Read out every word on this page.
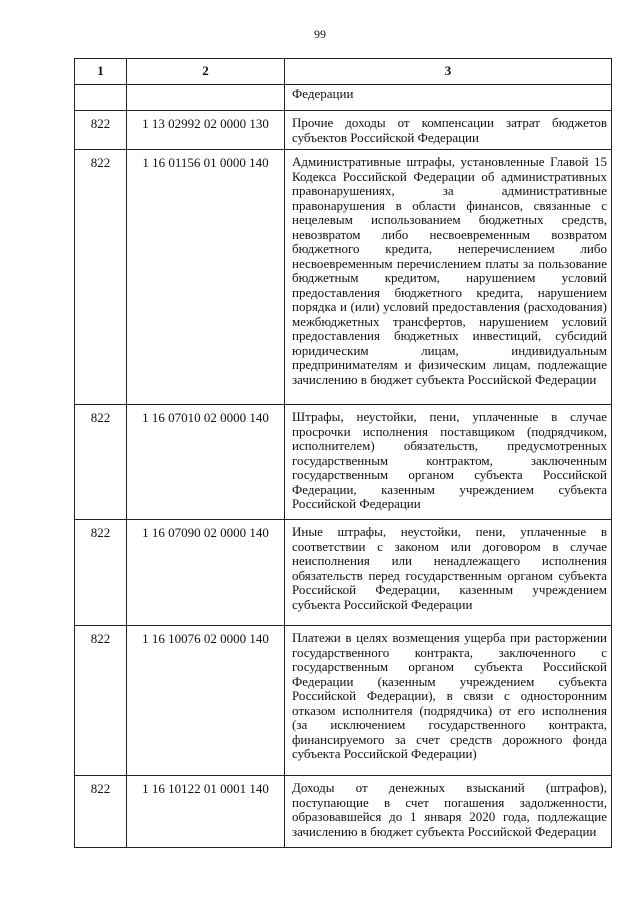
99
1	2	3
		Федерации
822	1 13 02992 02 0000 130	Прочие доходы от компенсации затрат бюджетов субъектов Российской Федерации
822	1 16 01156 01 0000 140	Административные штрафы, установленные Главой 15 Кодекса Российской Федерации об административных правонарушениях, за административные правонарушения в области финансов, связанные с нецелевым использованием бюджетных средств, невозвратом либо несвоевременным возвратом бюджетного кредита, неперечислением либо несвоевременным перечислением платы за пользование бюджетным кредитом, нарушением условий предоставления бюджетного кредита, нарушением порядка и (или) условий предоставления (расходования) межбюджетных трансфертов, нарушением условий предоставления бюджетных инвестиций, субсидий юридическим лицам, индивидуальным предпринимателям и физическим лицам, подлежащие зачислению в бюджет субъекта Российской Федерации
822	1 16 07010 02 0000 140	Штрафы, неустойки, пени, уплаченные в случае просрочки исполнения поставщиком (подрядчиком, исполнителем) обязательств, предусмотренных государственным контрактом, заключенным государственным органом субъекта Российской Федерации, казенным учреждением субъекта Российской Федерации
822	1 16 07090 02 0000 140	Иные штрафы, неустойки, пени, уплаченные в соответствии с законом или договором в случае неисполнения или ненадлежащего исполнения обязательств перед государственным органом субъекта Российской Федерации, казенным учреждением субъекта Российской Федерации
822	1 16 10076 02 0000 140	Платежи в целях возмещения ущерба при расторжении государственного контракта, заключенного с государственным органом субъекта Российской Федерации (казенным учреждением субъекта Российской Федерации), в связи с односторонним отказом исполнителя (подрядчика) от его исполнения (за исключением государственного контракта, финансируемого за счет средств дорожного фонда субъекта Российской Федерации)
822	1 16 10122 01 0001 140	Доходы от денежных взысканий (штрафов), поступающие в счет погашения задолженности, образовавшейся до 1 января 2020 года, подлежащие зачислению в бюджет субъекта Российской Федерации
